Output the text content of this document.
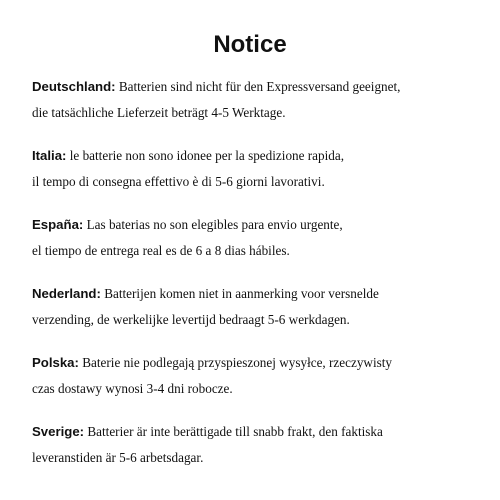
Notice
Deutschland: Batterien sind nicht für den Expressversand geeignet,
die tatsächliche Lieferzeit beträgt 4-5 Werktage.
Italia: le batterie non sono idonee per la spedizione rapida,
il tempo di consegna effettivo è di 5-6 giorni lavorativi.
España: Las baterias no son elegibles para envio urgente,
el tiempo de entrega real es de 6 a 8 dias hábiles.
Nederland: Batterijen komen niet in aanmerking voor versnelde
verzending, de werkelijke levertijd bedraagt 5-6 werkdagen.
Polska: Baterie nie podlegają przyspieszonej wysyłce, rzeczywisty
czas dostawy wynosi 3-4 dni robocze.
Sverige: Batterier är inte berättigade till snabb frakt, den faktiska
leveranstiden är 5-6 arbetsdagar.
